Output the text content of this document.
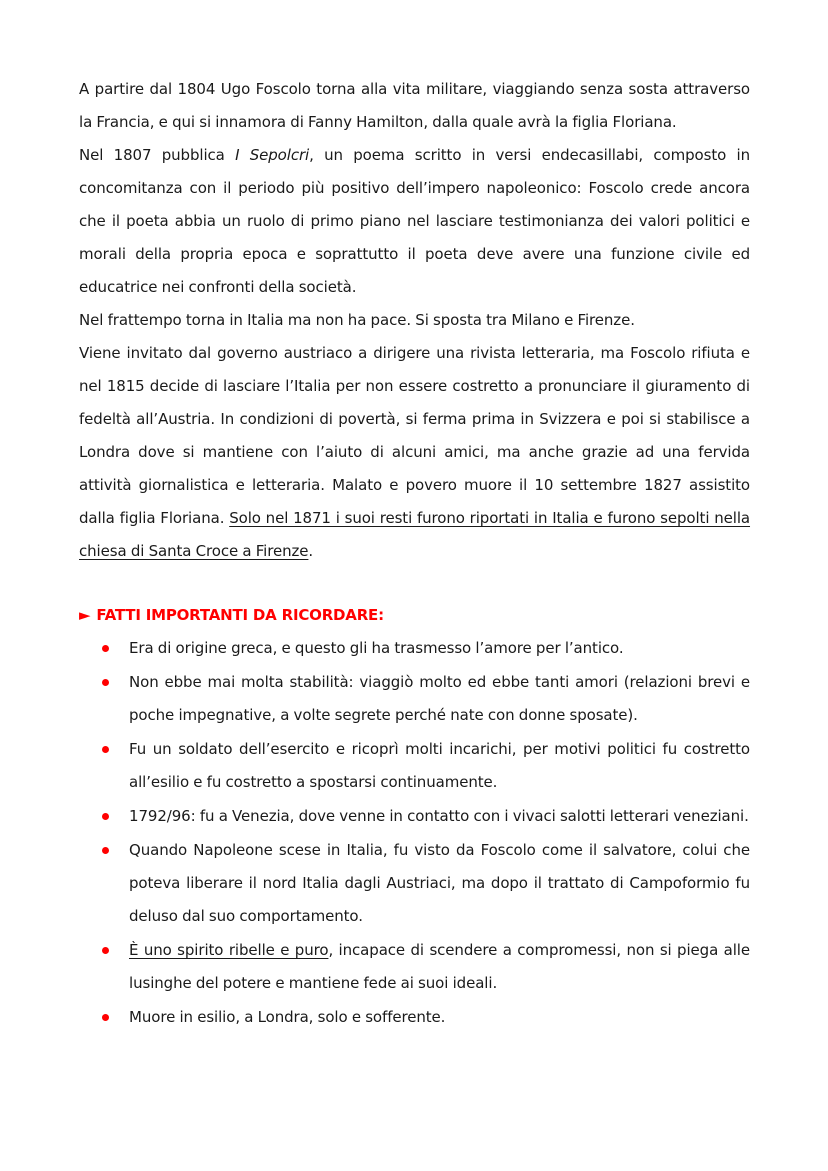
A partire dal 1804 Ugo Foscolo torna alla vita militare, viaggiando senza sosta attraverso la Francia, e qui si innamora di Fanny Hamilton, dalla quale avrà la figlia Floriana.

Nel 1807 pubblica I Sepolcri, un poema scritto in versi endecasillabi, composto in concomitanza con il periodo più positivo dell’impero napoleonico: Foscolo crede ancora che il poeta abbia un ruolo di primo piano nel lasciare testimonianza dei valori politici e morali della propria epoca e soprattutto il poeta deve avere una funzione civile ed educatrice nei confronti della società.

Nel frattempo torna in Italia ma non ha pace. Si sposta tra Milano e Firenze.

Viene invitato dal governo austriaco a dirigere una rivista letteraria, ma Foscolo rifiuta e nel 1815 decide di lasciare l’Italia per non essere costretto a pronunciare il giuramento di fedeltà all’Austria. In condizioni di povertà, si ferma prima in Svizzera e poi si stabilisce a Londra dove si mantiene con l’aiuto di alcuni amici, ma anche grazie ad una fervida attività giornalistica e letteraria. Malato e povero muore il 10 settembre 1827 assistito dalla figlia Floriana. Solo nel 1871 i suoi resti furono riportati in Italia e furono sepolti nella chiesa di Santa Croce a Firenze.

► FATTI IMPORTANTI DA RICORDARE:

Era di origine greca, e questo gli ha trasmesso l’amore per l’antico.

Non ebbe mai molta stabilità: viaggiò molto ed ebbe tanti amori (relazioni brevi e poche impegnative, a volte segrete perché nate con donne sposate).

Fu un soldato dell’esercito e ricoprì molti incarichi, per motivi politici fu costretto all’esilio e fu costretto a spostarsi continuamente.

1792/96: fu a Venezia, dove venne in contatto con i vivaci salotti letterari veneziani.

Quando Napoleone scese in Italia, fu visto da Foscolo come il salvatore, colui che poteva liberare il nord Italia dagli Austriaci, ma dopo il trattato di Campoformio fu deluso dal suo comportamento.

È uno spirito ribelle e puro, incapace di scendere a compromessi, non si piega alle lusinghe del potere e mantiene fede ai suoi ideali.

Muore in esilio, a Londra, solo e sofferente.
